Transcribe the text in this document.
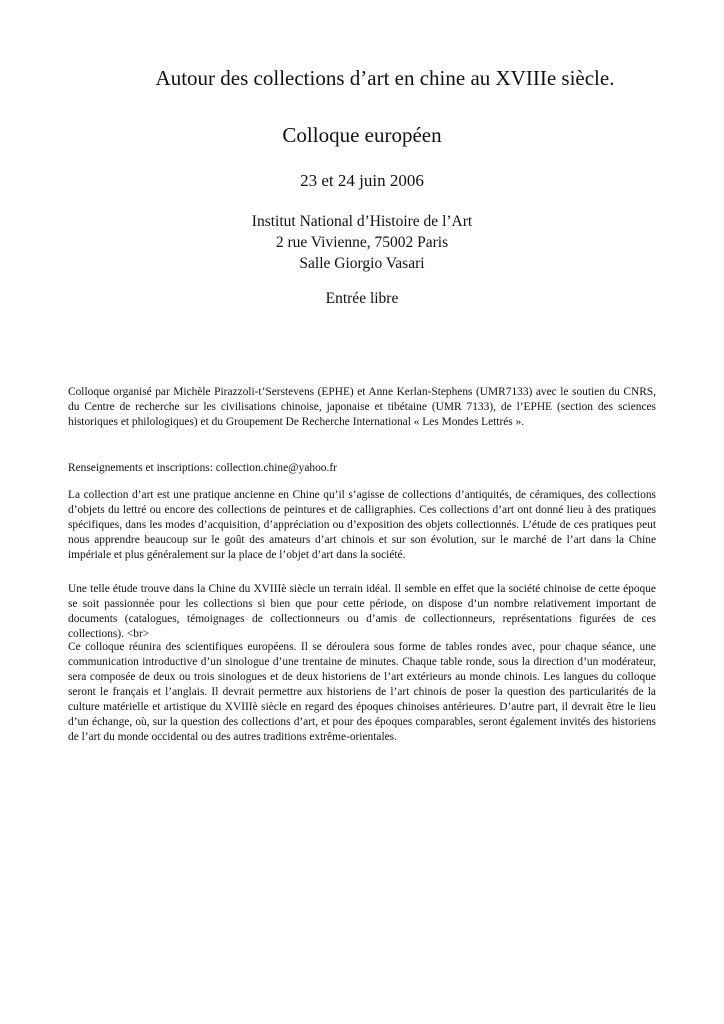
Autour des collections d’art en chine au XVIIIe siècle.
Colloque européen
23 et 24 juin 2006
Institut National d’Histoire de l’Art
2 rue Vivienne, 75002 Paris
Salle Giorgio Vasari
Entrée libre
Colloque organisé par Michèle Pirazzoli-t’Serstevens (EPHE) et Anne Kerlan-Stephens (UMR7133) avec le soutien du CNRS, du Centre de recherche sur les civilisations chinoise, japonaise et tibétaine (UMR 7133), de l’EPHE (section des sciences historiques et philologiques) et du Groupement De Recherche International « Les Mondes Lettrés ».
Renseignements et inscriptions: collection.chine@yahoo.fr
La collection d’art est une pratique ancienne en Chine qu’il s’agisse de collections d’antiquités, de céramiques, des collections d’objets du lettré ou encore des collections de peintures et de calligraphies. Ces collections d’art ont donné lieu à des pratiques spécifiques, dans les modes d’acquisition, d’appréciation ou d’exposition des objets collectionnés. L’étude de ces pratiques peut nous apprendre beaucoup sur le goût des amateurs d’art chinois et sur son évolution, sur le marché de l’art dans la Chine impériale et plus généralement sur la place de l’objet d’art dans la société.
Une telle étude trouve dans la Chine du XVIIIè siècle un terrain idéal. Il semble en effet que la société chinoise de cette époque se soit passionnée pour les collections si bien que pour cette période, on dispose d’un nombre relativement important de documents (catalogues, témoignages de collectionneurs ou d’amis de collectionneurs, représentations figurées de ces collections). <br>
Ce colloque réunira des scientifiques européens. Il se déroulera sous forme de tables rondes avec, pour chaque séance, une communication introductive d’un sinologue d’une trentaine de minutes. Chaque table ronde, sous la direction d’un modérateur, sera composée de deux ou trois sinologues et de deux historiens de l’art extérieurs au monde chinois. Les langues du colloque seront le français et l’anglais. Il devrait permettre aux historiens de l’art chinois de poser la question des particularités de la culture matérielle et artistique du XVIIIè siècle en regard des époques chinoises antérieures. D’autre part, il devrait être le lieu d’un échange, où, sur la question des collections d’art, et pour des époques comparables, seront également invités des historiens de l’art du monde occidental ou des autres traditions extrême-orientales.
